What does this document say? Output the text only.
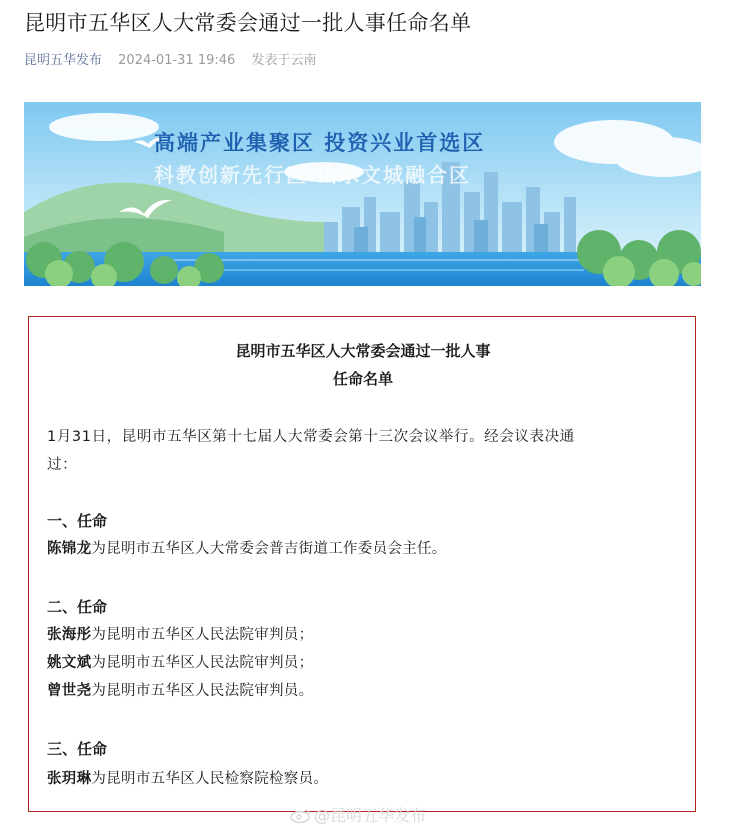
昆明市五华区人大常委会通过一批人事任命名单
昆明五华发布 2024-01-31 19:46 发表于云南
高端产业集聚区 投资兴业首选区
科教创新先行区 山水文城融合区
昆明市五华区人大常委会通过一批人事
任命名单
1月31日，昆明市五华区第十七届人大常委会第十三次会议举行。经会议表决通
过：
一、任命
陈锦龙为昆明市五华区人大常委会普吉街道工作委员会主任。
二、任命
张海彤为昆明市五华区人民法院审判员；
姚文斌为昆明市五华区人民法院审判员；
曾世尧为昆明市五华区人民法院审判员。
三、任命
张玥琳为昆明市五华区人民检察院检察员。
@昆明五华发布
